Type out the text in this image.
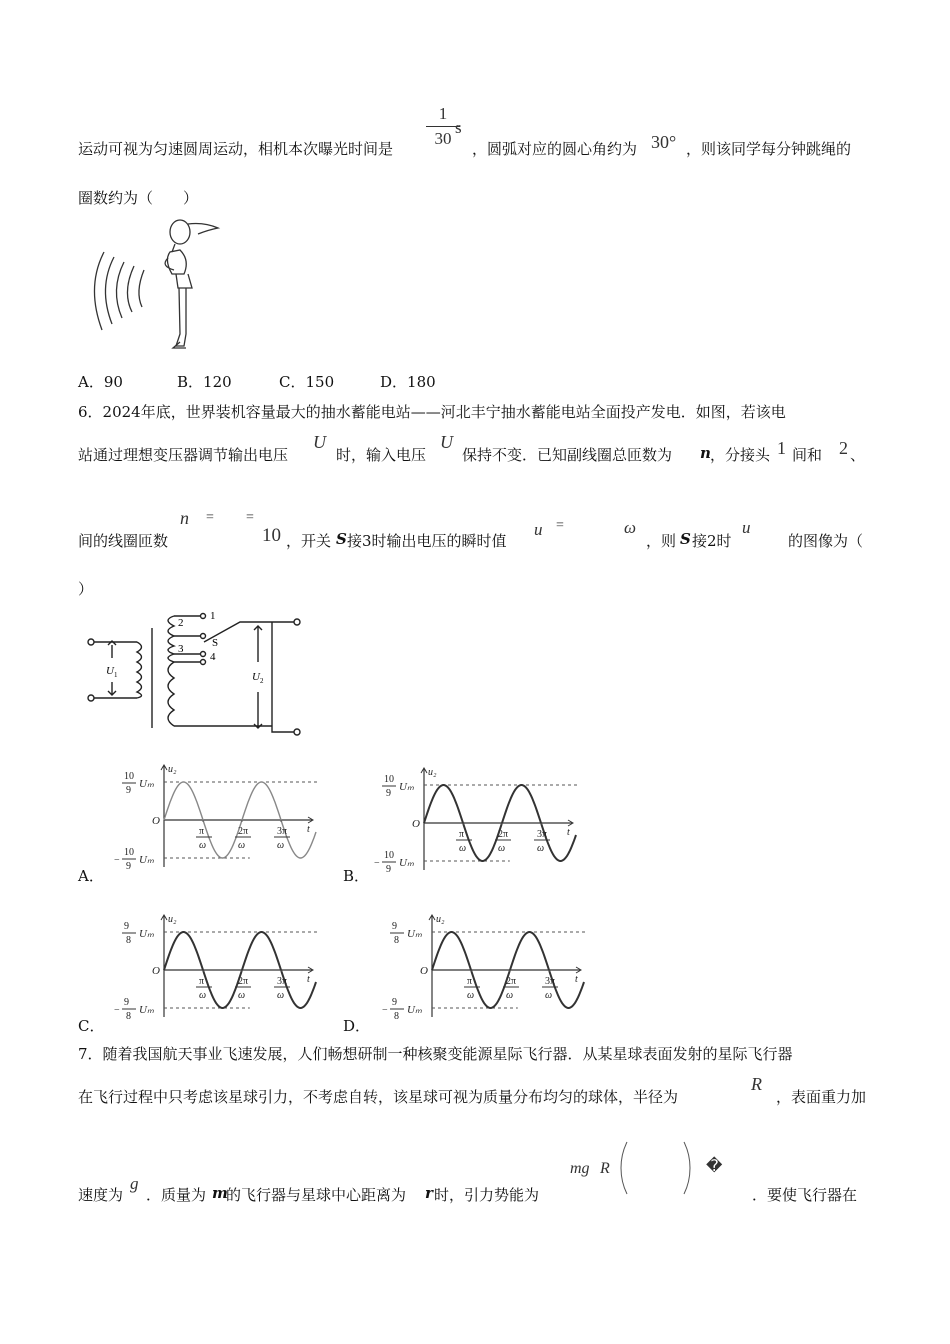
运动可视为匀速圆周运动，相机本次曝光时间是
1
30
s
，圆弧对应的圆心角约为 30° ，则该同学每分钟跳绳的
圈数约为（　　）
A．90	B．120	C．150	D．180
6．2024年底，世界装机容量最大的抽水蓄能电站——河北丰宁抽水蓄能电站全面投产发电．如图，若该电
站通过理想变压器调节输出电压
U
时，输入电压
U
保持不变．已知副线圈总匝数为 n ，分接头 1 间和 2 、
间的线圈匝数
n = =
10 ，开关 S 接3时输出电压的瞬时值
u =	ω
，则 S 接2时
u
的图像为（
）
1
2
3
4
S
U 1	U 2
A．	B．
C．	D．
π
ω
2π
ω
3π
ω
u₂
t
O
10
9
Uₘ
−
10
9
Uₘ
π
ω
2π
ω
3π
ω
u₂
t
O
10
9
Uₘ
−
10
9
Uₘ
π
ω
2π
ω
3π
ω
u₂
t
O
9
8
Uₘ
−
9
8
Uₘ
π
ω
2π
ω
3π
ω
u₂
t
O
9
8
Uₘ
−
9
8
Uₘ
7．随着我国航天事业飞速发展，人们畅想研制一种核聚变能源星际飞行器．从某星球表面发射的星际飞行器
在飞行过程中只考虑该星球引力，不考虑自转，该星球可视为质量分布均匀的球体，半径为
R
，表面重力加
速度为
g
．质量为 m
的飞行器与星球中心距离为 r 时，引力势能为
mg R	�
．要使飞行器在
